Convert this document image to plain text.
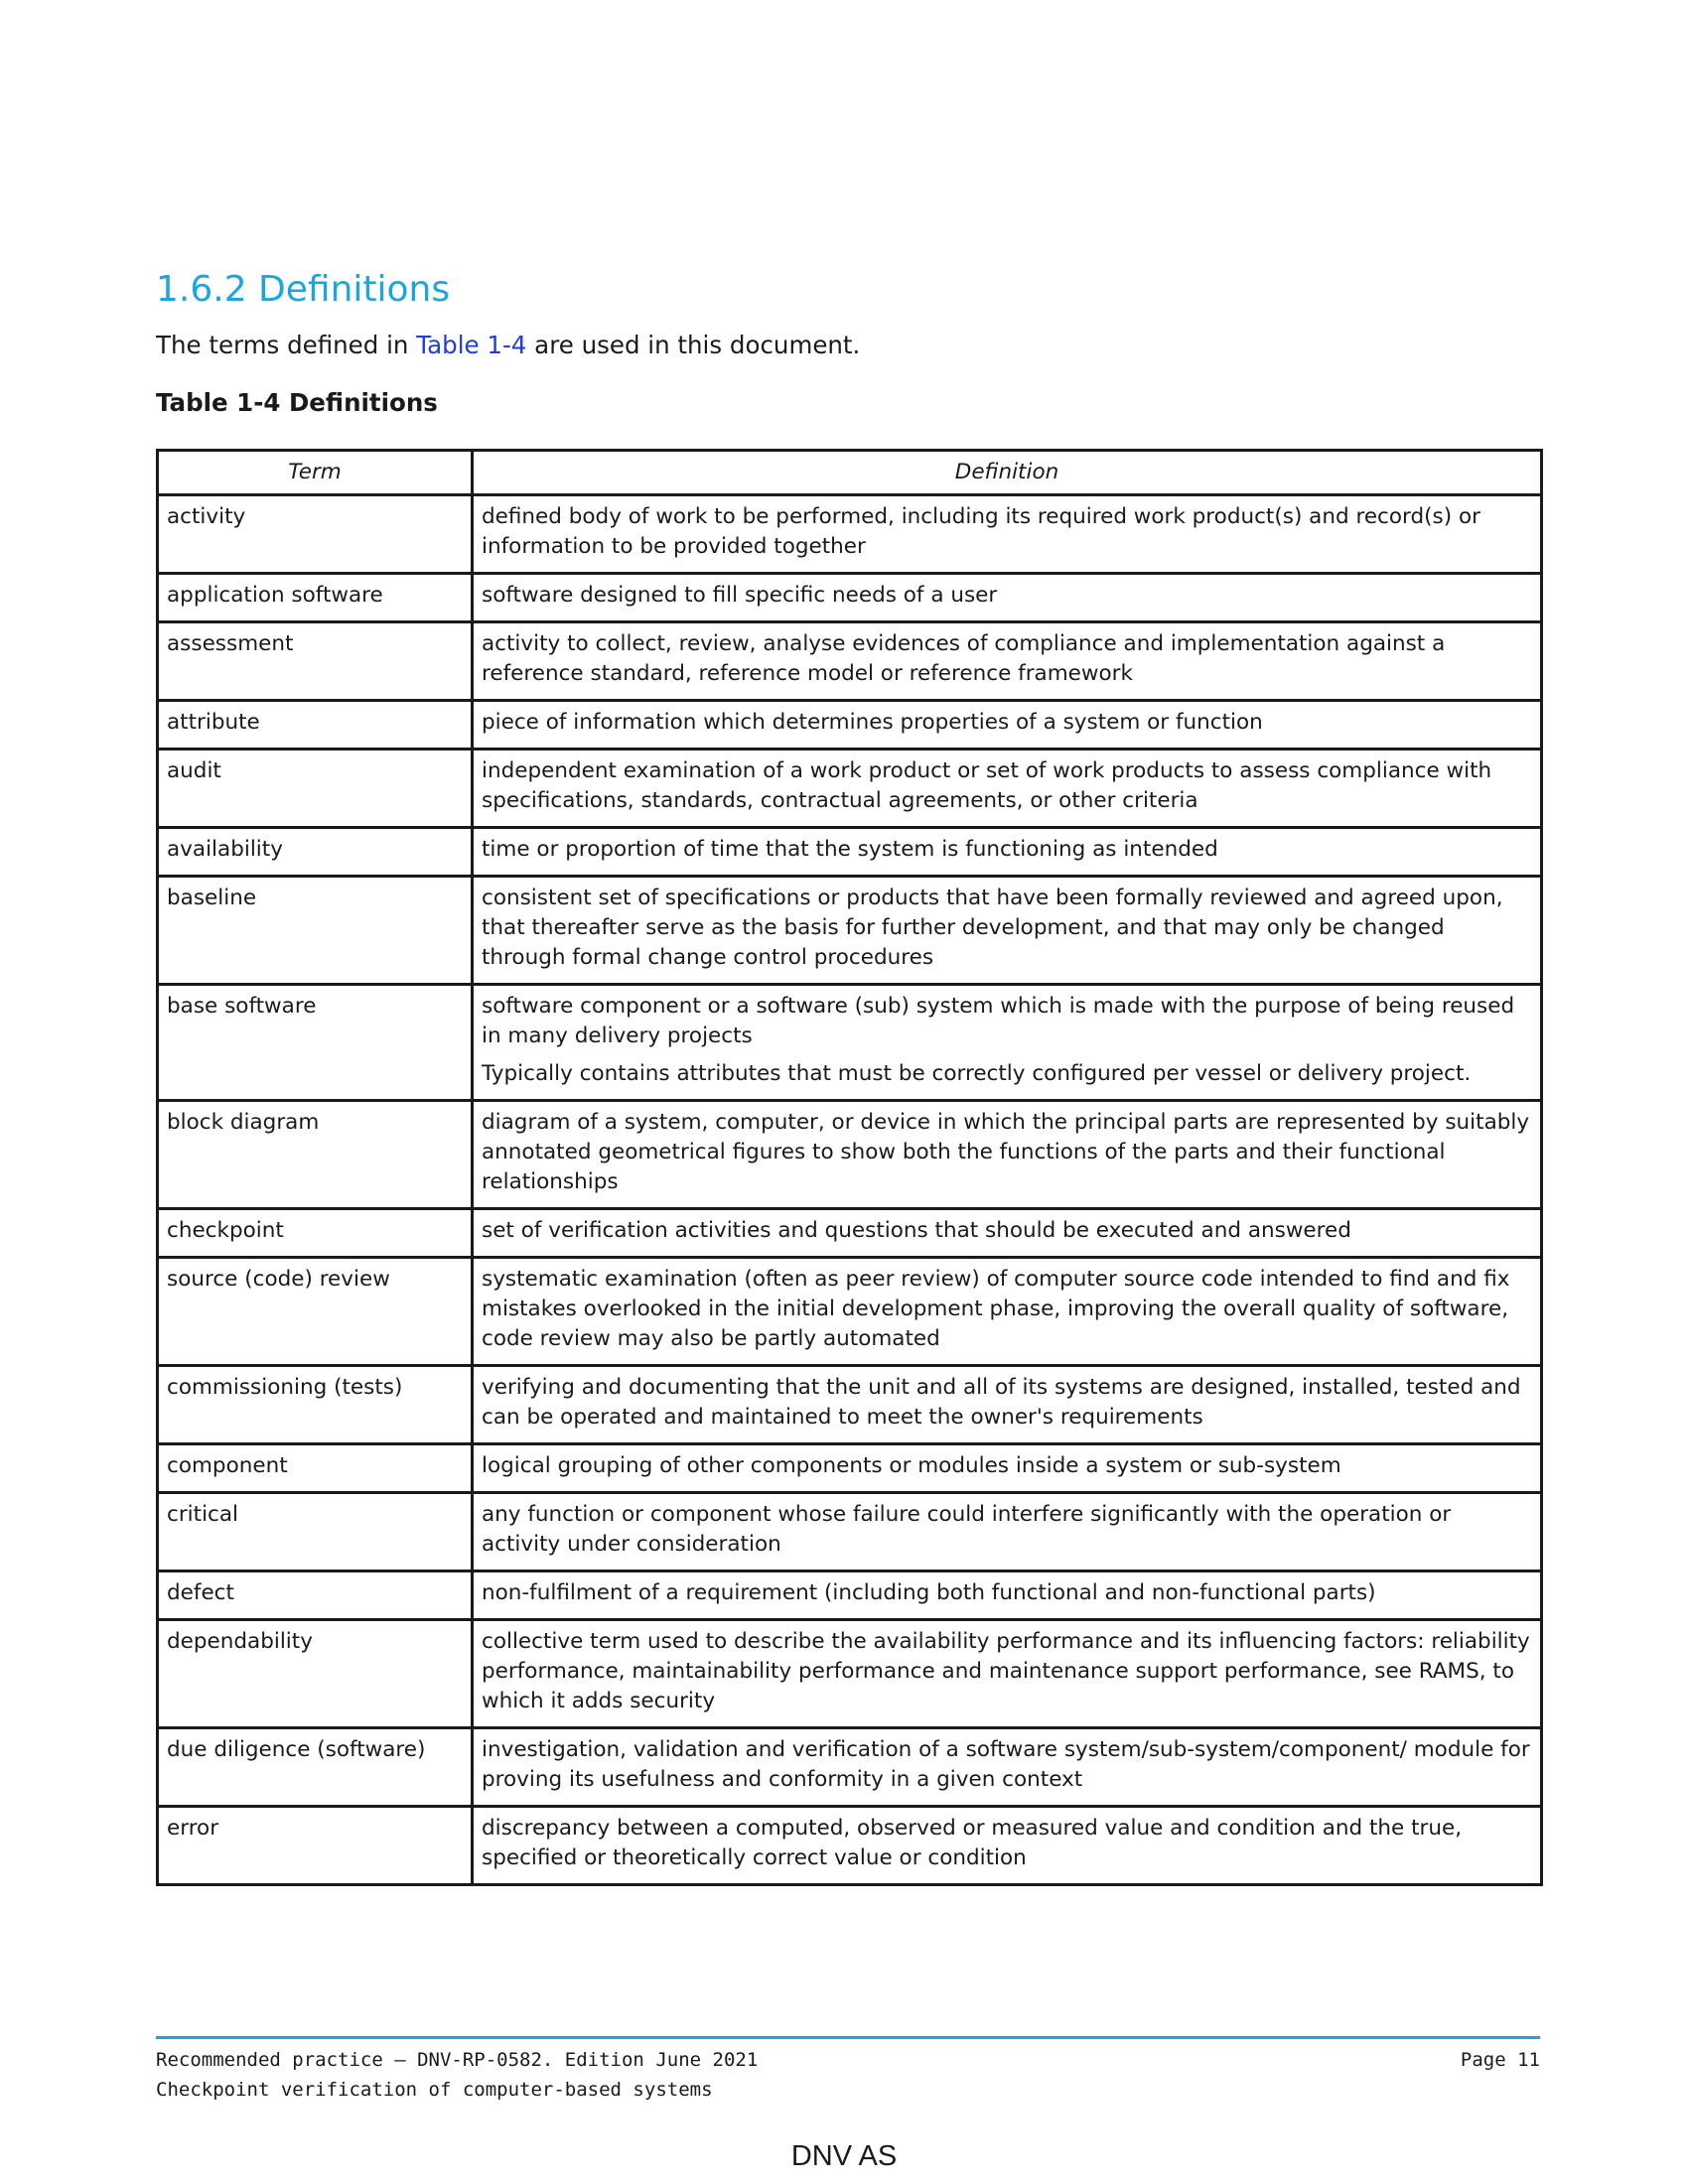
1.6.2 Definitions

The terms defined in Table 1-4 are used in this document.

Table 1-4 Definitions

Term	Definition
activity	defined body of work to be performed, including its required work product(s) and record(s) or information to be provided together

application software	software designed to fill specific needs of a user

assessment	activity to collect, review, analyse evidences of compliance and implementation against a reference standard, reference model or reference framework

attribute	piece of information which determines properties of a system or function

audit	independent examination of a work product or set of work products to assess compliance with specifications, standards, contractual agreements, or other criteria

availability	time or proportion of time that the system is functioning as intended

baseline	consistent set of specifications or products that have been formally reviewed and agreed upon, that thereafter serve as the basis for further development, and that may only be changed through formal change control procedures

base software	software component or a software (sub) system which is made with the purpose of being reused in many delivery projects

Typically contains attributes that must be correctly configured per vessel or delivery project.

block diagram	diagram of a system, computer, or device in which the principal parts are represented by suitably annotated geometrical figures to show both the functions of the parts and their functional relationships

checkpoint	set of verification activities and questions that should be executed and answered

source (code) review	systematic examination (often as peer review) of computer source code intended to find and fix mistakes overlooked in the initial development phase, improving the overall quality of software, code review may also be partly automated

commissioning (tests)	verifying and documenting that the unit and all of its systems are designed, installed, tested and can be operated and maintained to meet the owner's requirements

component	logical grouping of other components or modules inside a system or sub-system

critical	any function or component whose failure could interfere significantly with the operation or activity under consideration

defect	non-fulfilment of a requirement (including both functional and non-functional parts)

dependability	collective term used to describe the availability performance and its influencing factors: reliability performance, maintainability performance and maintenance support performance, see RAMS, to which it adds security

due diligence (software)	investigation, validation and verification of a software system/sub-system/component/ module for proving its usefulness and conformity in a given context

error	discrepancy between a computed, observed or measured value and condition and the true, specified or theoretically correct value or condition

Recommended practice — DNV-RP-0582. Edition June 2021

Checkpoint verification of computer-based systems

Page 11

DNV AS
